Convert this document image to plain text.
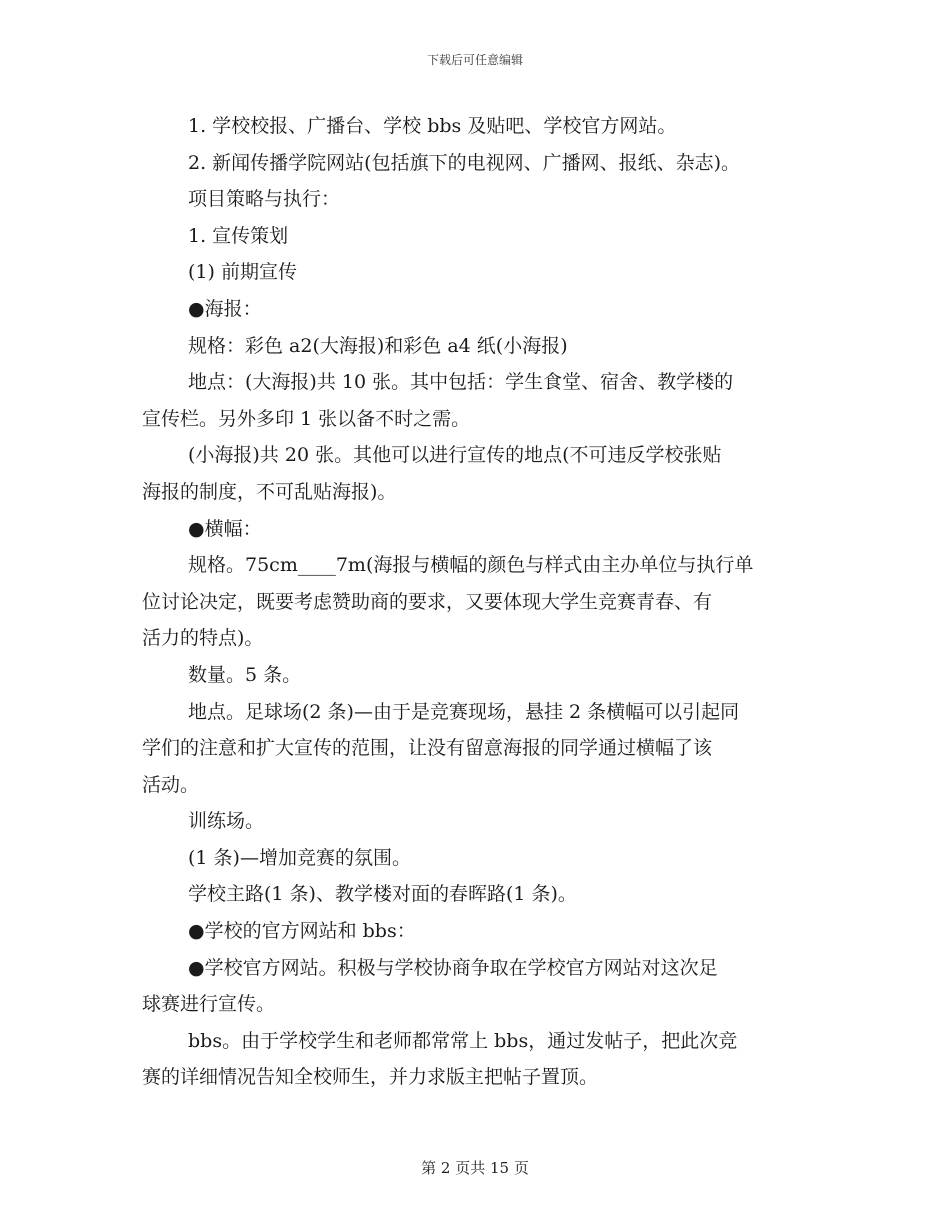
下载后可任意编辑
1. 学校校报、广播台、学校 bbs 及贴吧、学校官方网站。
2. 新闻传播学院网站(包括旗下的电视网、广播网、报纸、杂志)。
项目策略与执行：
1. 宣传策划
(1) 前期宣传
●海报：
规格：彩色 a2(大海报)和彩色 a4 纸(小海报)
地点：(大海报)共 10 张。其中包括：学生食堂、宿舍、教学楼的
宣传栏。另外多印 1 张以备不时之需。
(小海报)共 20 张。其他可以进行宣传的地点(不可违反学校张贴
海报的制度，不可乱贴海报)。
●横幅：
规格。75cm____7m(海报与横幅的颜色与样式由主办单位与执行单
位讨论决定，既要考虑赞助商的要求，又要体现大学生竞赛青春、有
活力的特点)。
数量。5 条。
地点。足球场(2 条)—由于是竞赛现场，悬挂 2 条横幅可以引起同
学们的注意和扩大宣传的范围，让没有留意海报的同学通过横幅了该
活动。
训练场。
(1 条)—增加竞赛的氛围。
学校主路(1 条)、教学楼对面的春晖路(1 条)。
●学校的官方网站和 bbs：
●学校官方网站。积极与学校协商争取在学校官方网站对这次足
球赛进行宣传。
bbs。由于学校学生和老师都常常上 bbs，通过发帖子，把此次竞
赛的详细情况告知全校师生，并力求版主把帖子置顶。
第 2 页共 15 页
